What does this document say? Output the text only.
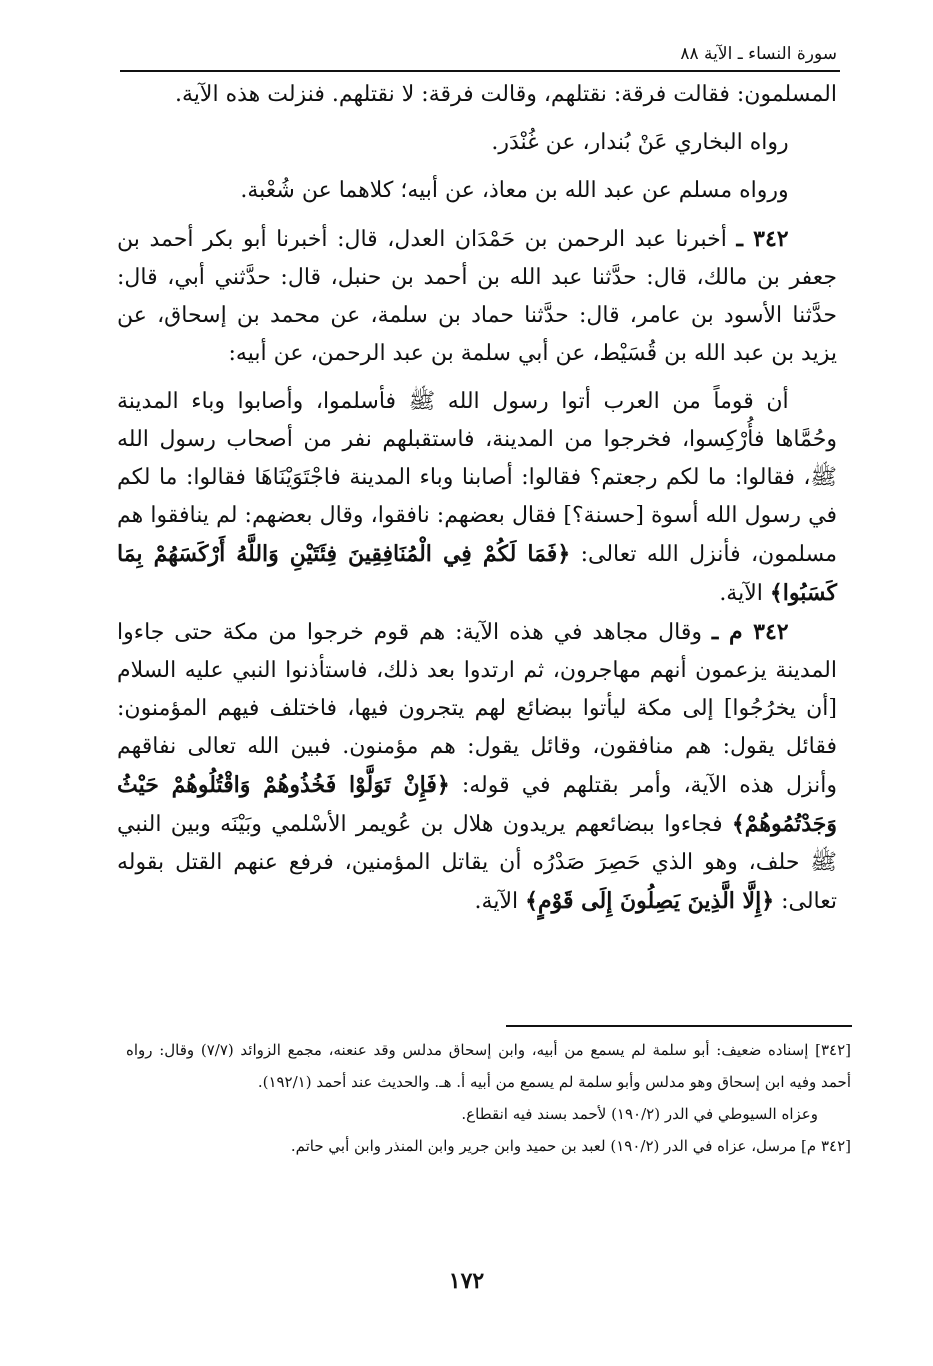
سورة النساء ـ الآية ٨٨

المسلمون: فقالت فرقة: نقتلهم، وقالت فرقة: لا نقتلهم. فنزلت هذه الآية.

رواه البخاري عَنْ بُندار، عن غُنْدَر.

ورواه مسلم عن عبد الله بن معاذ، عن أبيه؛ كلاهما عن شُعْبة.

٣٤٢ ـ أخبرنا عبد الرحمن بن حَمْدَان العدل، قال: أخبرنا أبو بكر أحمد بن جعفر بن مالك، قال: حدَّثنا عبد الله بن أحمد بن حنبل، قال: حدَّثني أبي، قال: حدَّثنا الأسود بن عامر، قال: حدَّثنا حماد بن سلمة، عن محمد بن إسحاق، عن يزيد بن عبد الله بن قُسَيْط، عن أبي سلمة بن عبد الرحمن، عن أبيه:

أن قوماً من العرب أتوا رسول الله ﷺ فأسلموا، وأصابوا وباء المدينة وحُمَّاها فأُرْكِسوا، فخرجوا من المدينة، فاستقبلهم نفر من أصحاب رسول الله ﷺ، فقالوا: ما لكم رجعتم؟ فقالوا: أصابنا وباء المدينة فاجْتَوَيْنَاهَا فقالوا: ما لكم في رسول الله أسوة [حسنة؟] فقال بعضهم: نافقوا، وقال بعضهم: لم ينافقوا هم مسلمون، فأنزل الله تعالى: ﴿فَمَا لَكُمْ فِي الْمُنَافِقِينَ فِئَتَيْنِ وَاللَّهُ أَرْكَسَهُمْ بِمَا كَسَبُوا﴾ الآية.

٣٤٢ م ـ وقال مجاهد في هذه الآية: هم قوم خرجوا من مكة حتى جاءوا المدينة يزعمون أنهم مهاجرون، ثم ارتدوا بعد ذلك، فاستأذنوا النبي عليه السلام [أن يخرُجُوا] إلى مكة ليأتوا ببضائع لهم يتجرون فيها، فاختلف فيهم المؤمنون: فقائل يقول: هم منافقون، وقائل يقول: هم مؤمنون. فبين الله تعالى نفاقهم وأنزل هذه الآية، وأمر بقتلهم في قوله: ﴿فَإِنْ تَوَلَّوْا فَخُذُوهُمْ وَاقْتُلُوهُمْ حَيْثُ وَجَدْتُمُوهُمْ﴾ فجاءوا ببضائعهم يريدون هلال بن عُويمر الأسْلمي وبَيْنَه وبين النبي ﷺ حلف، وهو الذي حَصِرَ صَدْرُه أن يقاتل المؤمنين، فرفع عنهم القتل بقوله تعالى: ﴿إِلَّا الَّذِينَ يَصِلُونَ إِلَى قَوْمٍ﴾ الآية.

[٣٤٢] إسناده ضعيف: أبو سلمة لم يسمع من أبيه، وابن إسحاق مدلس وقد عنعنه، مجمع الزوائد (٧/٧) وقال: رواه أحمد وفيه ابن إسحاق وهو مدلس وأبو سلمة لم يسمع من أبيه أ. هـ. والحديث عند أحمد (١٩٢/١).

وعزاه السيوطي في الدر (١٩٠/٢) لأحمد بسند فيه انقطاع.

[٣٤٢ م] مرسل، عزاه في الدر (١٩٠/٢) لعبد بن حميد وابن جرير وابن المنذر وابن أبي حاتم.

١٧٢
